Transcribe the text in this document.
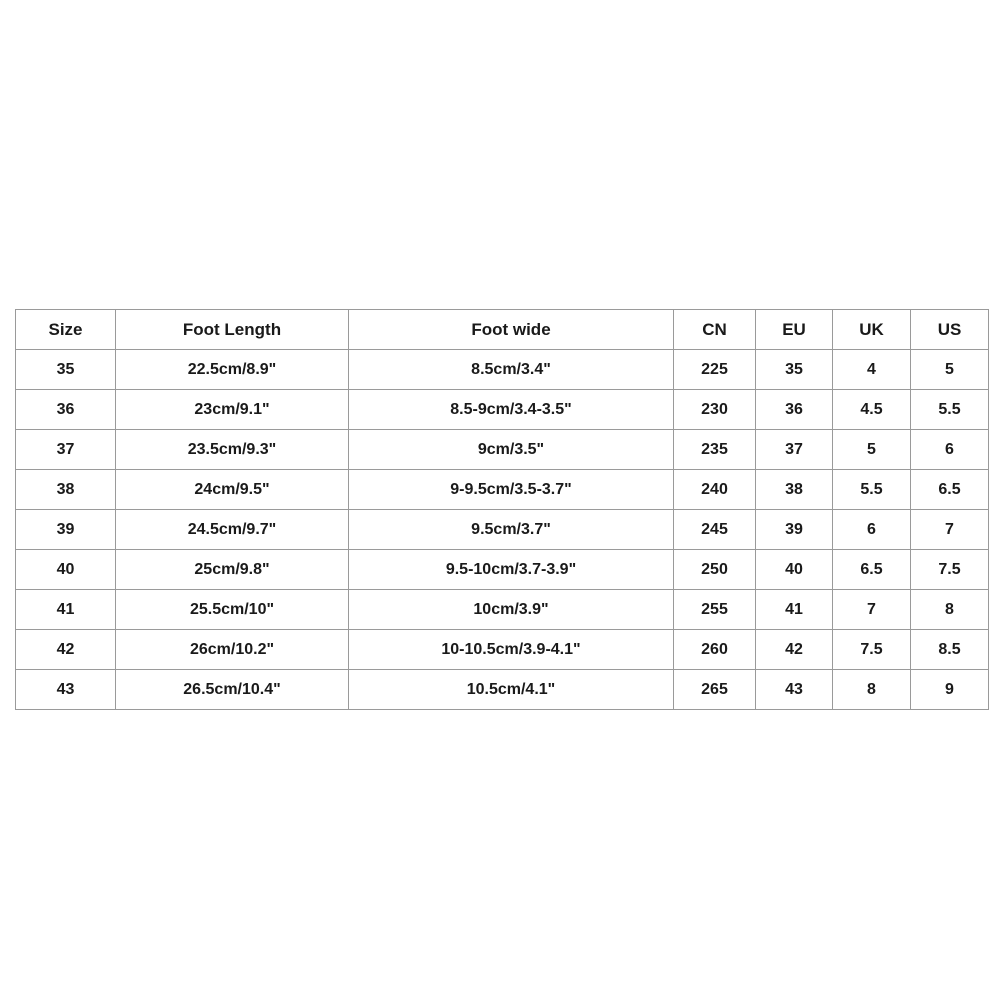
Size	Foot Length	Foot wide	CN	EU	UK	US
35	22.5cm/8.9"	8.5cm/3.4"	225	35	4	5
36	23cm/9.1"	8.5-9cm/3.4-3.5"	230	36	4.5	5.5
37	23.5cm/9.3"	9cm/3.5"	235	37	5	6
38	24cm/9.5"	9-9.5cm/3.5-3.7"	240	38	5.5	6.5
39	24.5cm/9.7"	9.5cm/3.7"	245	39	6	7
40	25cm/9.8"	9.5-10cm/3.7-3.9"	250	40	6.5	7.5
41	25.5cm/10"	10cm/3.9"	255	41	7	8
42	26cm/10.2"	10-10.5cm/3.9-4.1"	260	42	7.5	8.5
43	26.5cm/10.4"	10.5cm/4.1"	265	43	8	9
